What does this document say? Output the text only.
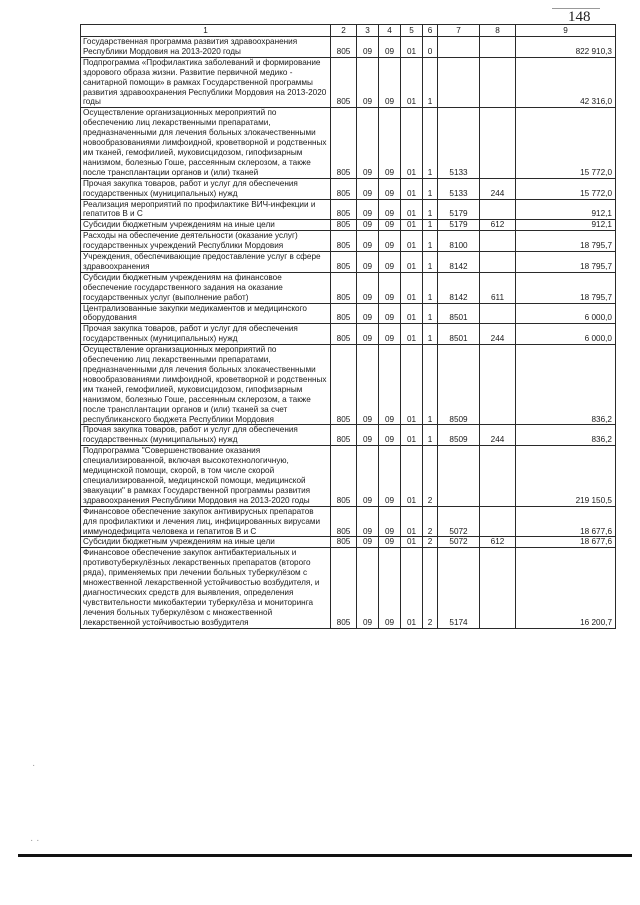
148
1	2	3	4	5	6	7	8	9
Государственная программа развития здравоохранения Республики Мордовия на 2013-2020 годы	805	09	09	01	0			822 910,3
Подпрограмма «Профилактика заболеваний и формирование здорового образа жизни. Развитие первичной медико - санитарной помощи» в рамках Государственной программы развития здравоохранения Республики Мордовия на 2013-2020 годы	805	09	09	01	1			42 316,0
Осуществление организационных мероприятий по обеспечению лиц лекарственными препаратами, предназначенными для лечения больных злокачественными новообразованиями лимфоидной, кроветворной и родственных им тканей, гемофилией, муковисцидозом, гипофизарным нанизмом, болезнью Гоше, рассеянным склерозом, а также после трансплантации органов и (или) тканей	805	09	09	01	1	5133		15 772,0
Прочая закупка товаров, работ и услуг для обеспечения государственных (муниципальных) нужд	805	09	09	01	1	5133	244	15 772,0
Реализация мероприятий по профилактике ВИЧ-инфекции и гепатитов В и С	805	09	09	01	1	5179		912,1
Субсидии бюджетным учреждениям на иные цели	805	09	09	01	1	5179	612	912,1
Расходы на обеспечение деятельности (оказание услуг) государственных учреждений Республики Мордовия	805	09	09	01	1	8100		18 795,7
Учреждения, обеспечивающие предоставление услуг в сфере здравоохранения	805	09	09	01	1	8142		18 795,7
Субсидии бюджетным учреждениям на финансовое обеспечение государственного задания на оказание государственных услуг (выполнение работ)	805	09	09	01	1	8142	611	18 795,7
Централизованные закупки медикаментов и медицинского оборудования	805	09	09	01	1	8501		6 000,0
Прочая закупка товаров, работ и услуг для обеспечения государственных (муниципальных) нужд	805	09	09	01	1	8501	244	6 000,0
Осуществление организационных мероприятий по обеспечению лиц лекарственными препаратами, предназначенными для лечения больных злокачественными новообразованиями лимфоидной, кроветворной и родственных им тканей, гемофилией, муковисцидозом, гипофизарным нанизмом, болезнью Гоше, рассеянным склерозом, а также после трансплантации органов и (или) тканей за счет республиканского бюджета Республики Мордовия	805	09	09	01	1	8509		836,2
Прочая закупка товаров, работ и услуг для обеспечения государственных (муниципальных) нужд	805	09	09	01	1	8509	244	836,2
Подпрограмма "Совершенствование оказания специализированной, включая высокотехнологичную, медицинской помощи, скорой, в том числе скорой специализированной, медицинской помощи, медицинской эвакуации" в рамках Государственной программы развития здравоохранения Республики Мордовия на 2013-2020 годы	805	09	09	01	2			219 150,5
Финансовое обеспечение закупок антивирусных препаратов для профилактики и лечения лиц, инфицированных вирусами иммунодефицита человека и гепатитов В и С	805	09	09	01	2	5072		18 677,6
Субсидии бюджетным учреждениям на иные цели	805	09	09	01	2	5072	612	18 677,6
Финансовое обеспечение закупок антибактериальных и противотуберкулёзных лекарственных препаратов (второго ряда), применяемых при лечении больных туберкулёзом с множественной лекарственной устойчивостью возбудителя, и диагностических средств для выявления, определения чувствительности микобактерии туберкулёза и мониторинга лечения больных туберкулёзом с множественной лекарственной устойчивостью возбудителя	805	09	09	01	2	5174		16 200,7
·
· ·
